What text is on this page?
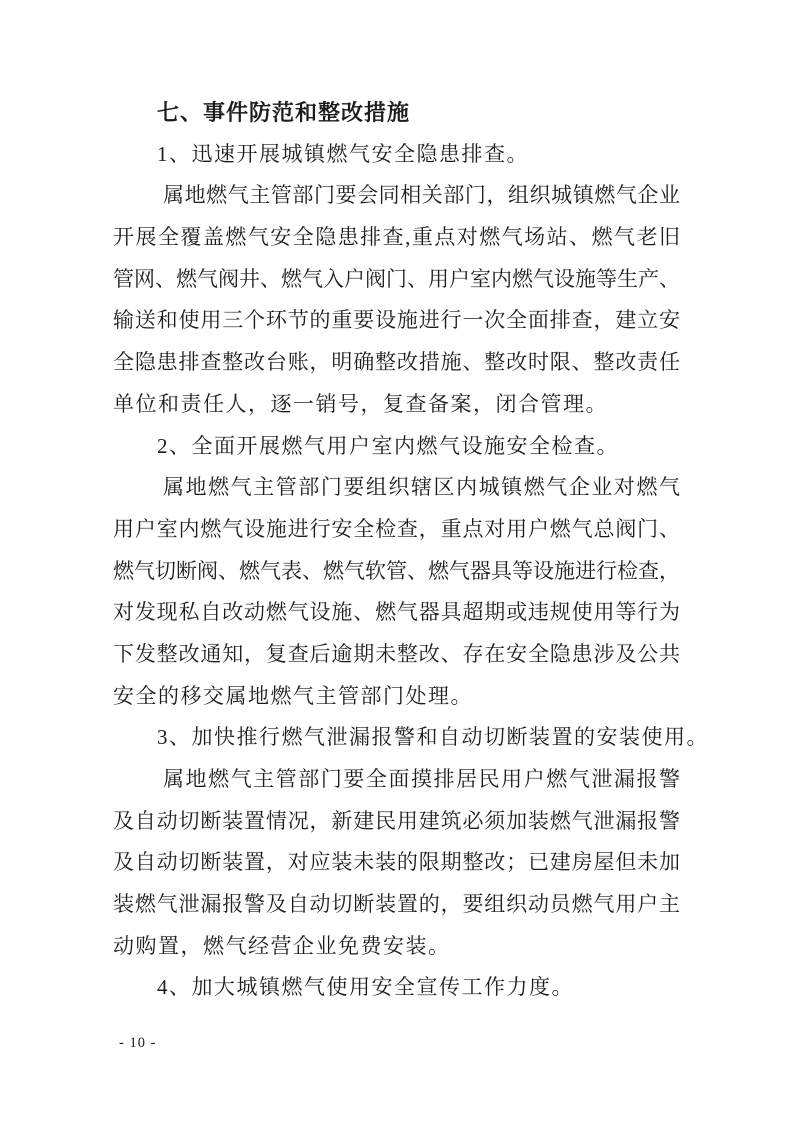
七、事件防范和整改措施
1、迅速开展城镇燃气安全隐患排查。
属地燃气主管部门要会同相关部门，组织城镇燃气企业
开展全覆盖燃气安全隐患排查,重点对燃气场站、燃气老旧
管网、燃气阀井、燃气入户阀门、用户室内燃气设施等生产、
输送和使用三个环节的重要设施进行一次全面排查，建立安
全隐患排查整改台账，明确整改措施、整改时限、整改责任
单位和责任人，逐一销号，复查备案，闭合管理。
2、全面开展燃气用户室内燃气设施安全检查。
属地燃气主管部门要组织辖区内城镇燃气企业对燃气
用户室内燃气设施进行安全检查，重点对用户燃气总阀门、
燃气切断阀、燃气表、燃气软管、燃气器具等设施进行检查，
对发现私自改动燃气设施、燃气器具超期或违规使用等行为
下发整改通知，复查后逾期未整改、存在安全隐患涉及公共
安全的移交属地燃气主管部门处理。
3、加快推行燃气泄漏报警和自动切断装置的安装使用。
属地燃气主管部门要全面摸排居民用户燃气泄漏报警
及自动切断装置情况，新建民用建筑必须加装燃气泄漏报警
及自动切断装置，对应装未装的限期整改；已建房屋但未加
装燃气泄漏报警及自动切断装置的，要组织动员燃气用户主
动购置，燃气经营企业免费安装。
4、加大城镇燃气使用安全宣传工作力度。
- 10 -
